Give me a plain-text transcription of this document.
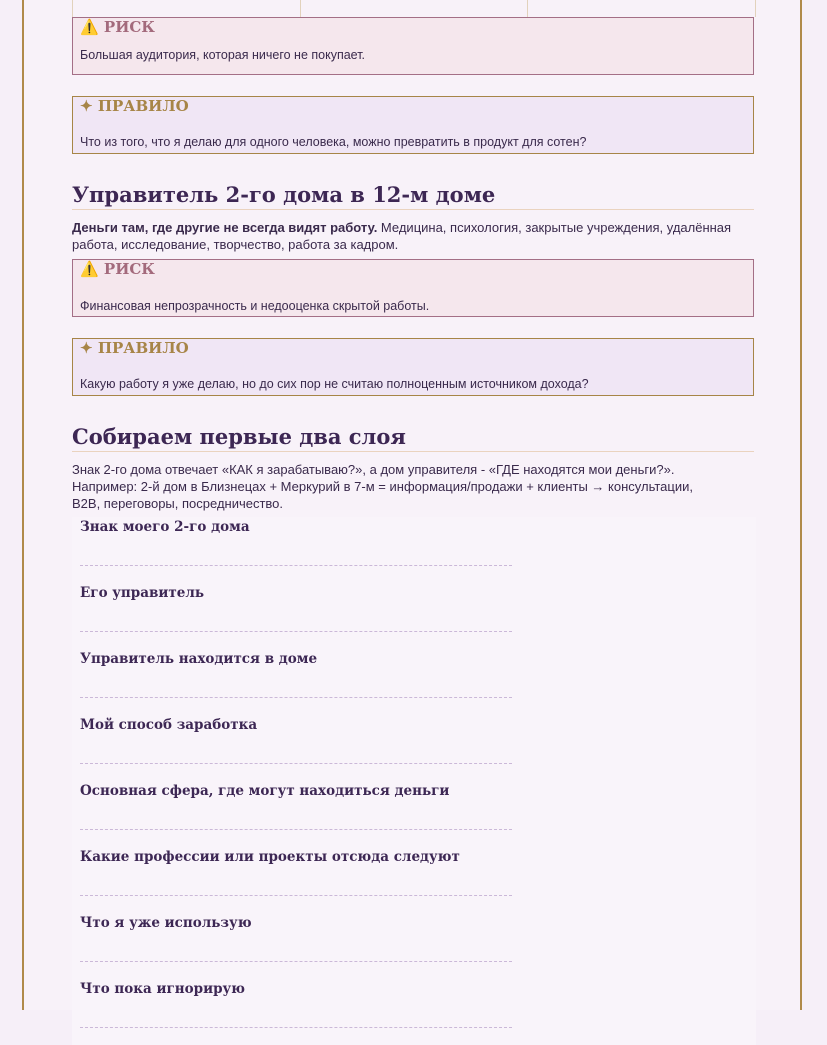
⚠️ РИСК
Большая аудитория, которая ничего не покупает.
✦ ПРАВИЛО
Что из того, что я делаю для одного человека, можно превратить в продукт для сотен?
Управитель 2-го дома в 12-м доме
Деньги там, где другие не всегда видят работу. Медицина, психология, закрытые учреждения, удалённая работа, исследование, творчество, работа за кадром.
⚠️ РИСК
Финансовая непрозрачность и недооценка скрытой работы.
✦ ПРАВИЛО
Какую работу я уже делаю, но до сих пор не считаю полноценным источником дохода?
Собираем первые два слоя
Знак 2-го дома отвечает «КАК я зарабатываю?», а дом управителя - «ГДЕ находятся мои деньги?».
Например: 2-й дом в Близнецах + Меркурий в 7-м = информация/продажи + клиенты → консультации,
B2B, переговоры, посредничество.
Знак моего 2-го дома
Его управитель
Управитель находится в доме
Мой способ заработка
Основная сфера, где могут находиться деньги
Какие профессии или проекты отсюда следуют
Что я уже использую
Что пока игнорирую
